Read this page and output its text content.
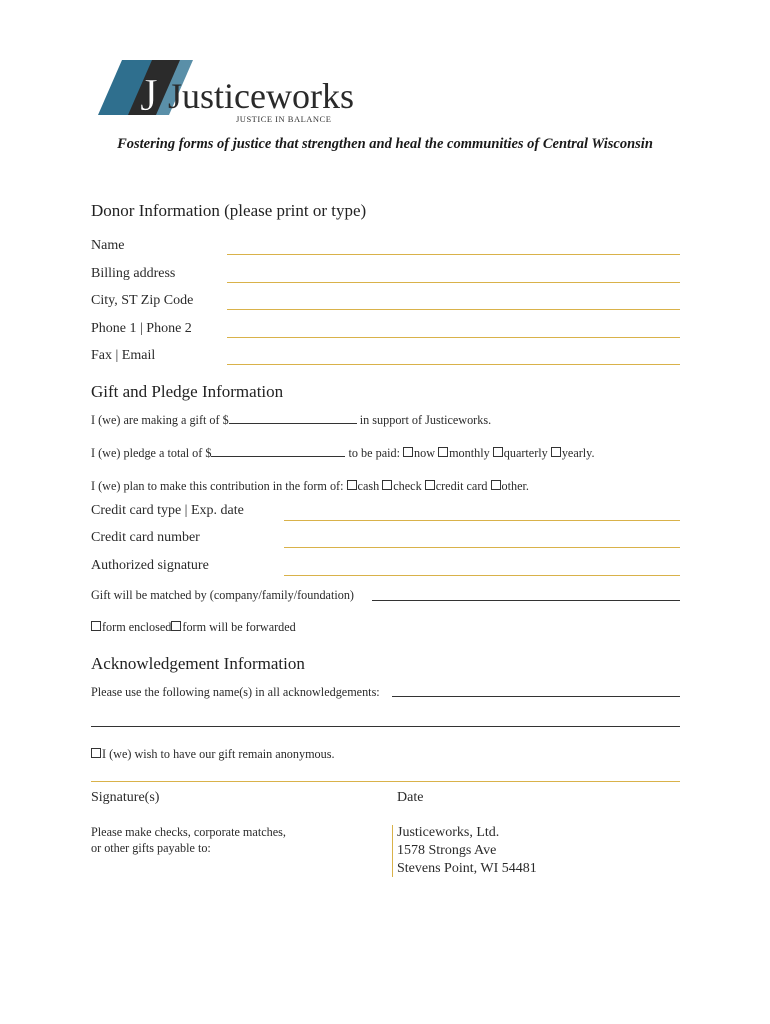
J Justiceworks
JUSTICE IN BALANCE
Fostering forms of justice that strengthen and heal the communities of Central Wisconsin
Donor Information (please print or type)
Name
Billing address
City, ST Zip Code
Phone 1 | Phone 2
Fax | Email
Gift and Pledge Information
I (we) are making a gift of $	in support of Justiceworks.
I (we) pledge a total of $	to be paid: now monthly quarterly yearly.
I (we) plan to make this contribution in the form of: cash check credit card other.
Credit card type | Exp. date
Credit card number
Authorized signature
Gift will be matched by (company/family/foundation)
form enclosed form will be forwarded
Acknowledgement Information
Please use the following name(s) in all acknowledgements:
I (we) wish to have our gift remain anonymous.
Signature(s)	Date
Please make checks, corporate matches,
or other gifts payable to:
Justiceworks, Ltd.
1578 Strongs Ave
Stevens Point, WI 54481
